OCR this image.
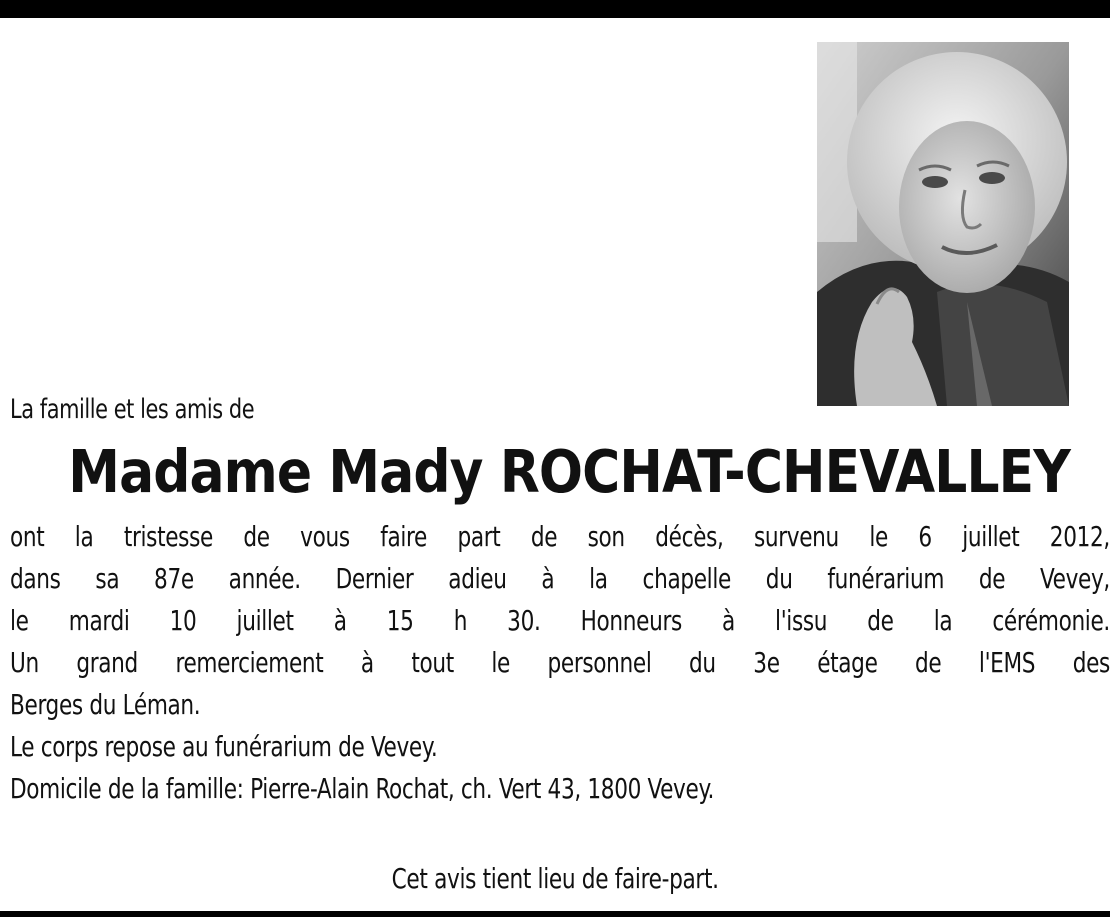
La famille et les amis de
Madame Mady ROCHAT-CHEVALLEY

ont la tristesse de vous faire part de son décès, survenu le 6 juillet 2012,

dans sa 87e année. Dernier adieu à la chapelle du funérarium de Vevey,

le mardi 10 juillet à 15 h 30. Honneurs à l'issu de la cérémonie.

Un grand remerciement à tout le personnel du 3e étage de l'EMS des

Berges du Léman.

Le corps repose au funérarium de Vevey.

Domicile de la famille: Pierre-Alain Rochat, ch. Vert 43, 1800 Vevey.

Cet avis tient lieu de faire-part.
